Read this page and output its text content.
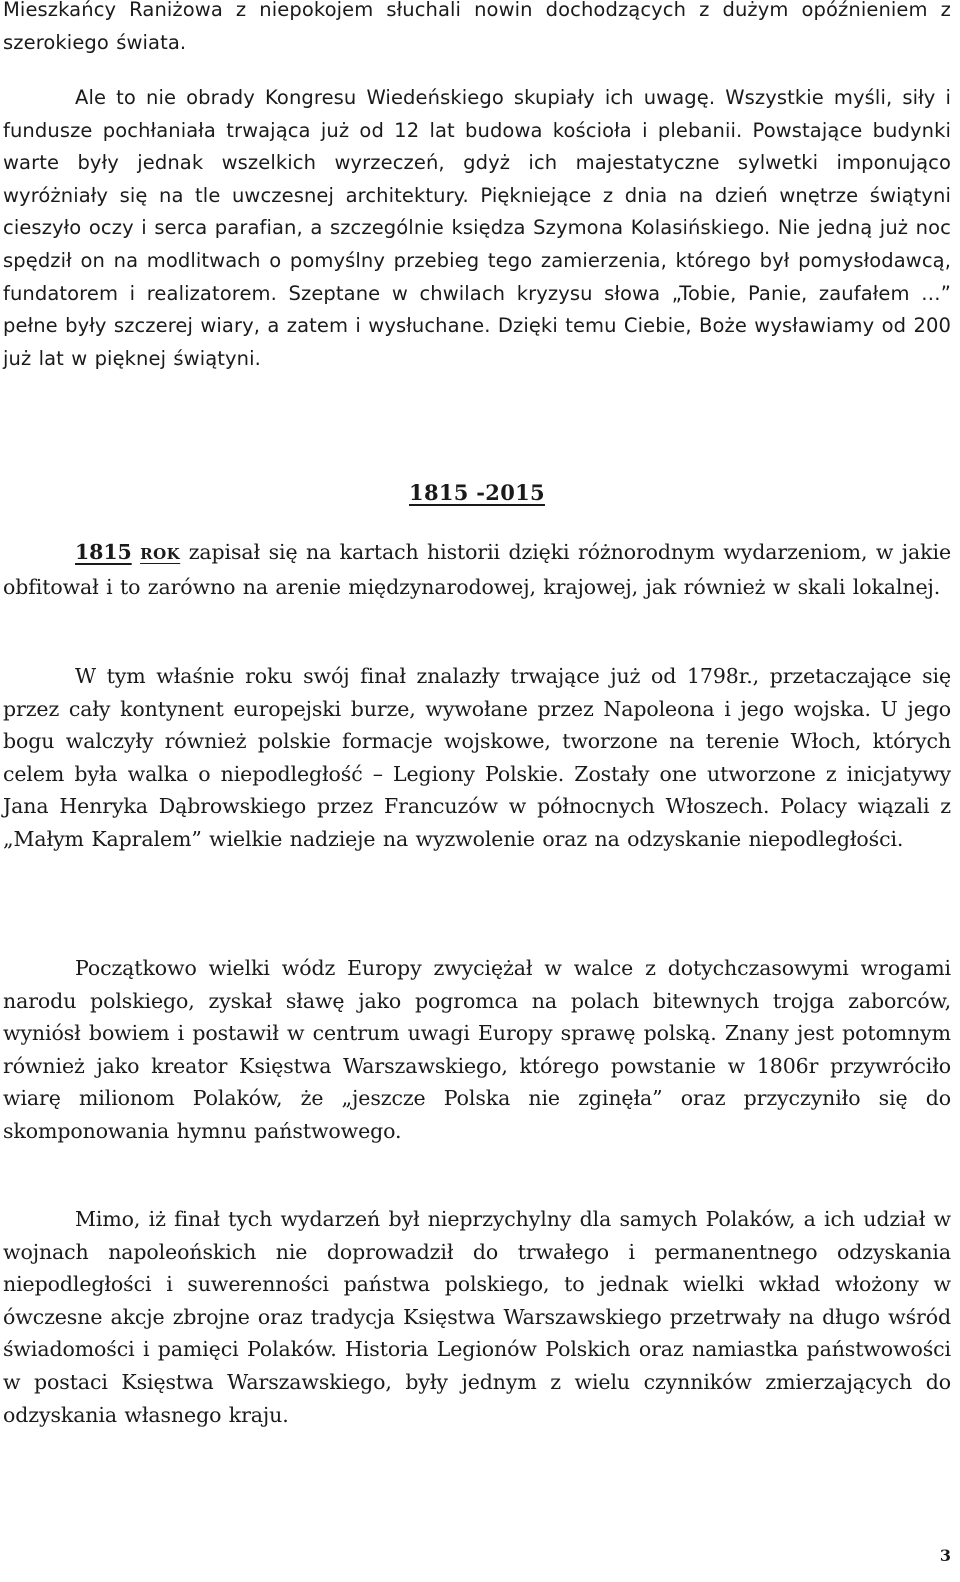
Mieszkańcy Raniżowa z niepokojem słuchali nowin dochodzących z dużym opóźnieniem z szerokiego świata.

Ale to nie obrady Kongresu Wiedeńskiego skupiały ich uwagę. Wszystkie myśli, siły i fundusze pochłaniała trwająca już od 12 lat budowa kościoła i plebanii. Powstające budynki warte były jednak wszelkich wyrzeczeń, gdyż ich majestatyczne sylwetki imponująco wyróżniały się na tle uwczesnej architektury. Piękniejące z dnia na dzień wnętrze świątyni cieszyło oczy i serca parafian, a szczególnie księdza Szymona Kolasińskiego. Nie jedną już noc spędził on na modlitwach o pomyślny przebieg tego zamierzenia, którego był pomysłodawcą, fundatorem i realizatorem. Szeptane w chwilach kryzysu słowa „Tobie, Panie, zaufałem …” pełne były szczerej wiary, a zatem i wysłuchane. Dzięki temu Ciebie, Boże wysławiamy od 200 już lat w pięknej świątyni.

1815 -2015

1815 ROK zapisał się na kartach historii dzięki różnorodnym wydarzeniom, w jakie obfitował i to zarówno na arenie międzynarodowej, krajowej, jak również w skali lokalnej.

W tym właśnie roku swój finał znalazły trwające już od 1798r., przetaczające się przez cały kontynent europejski burze, wywołane przez Napoleona i jego wojska. U jego bogu walczyły również polskie formacje wojskowe, tworzone na terenie Włoch, których celem była walka o niepodległość – Legiony Polskie. Zostały one utworzone z inicjatywy Jana Henryka Dąbrowskiego przez Francuzów w północnych Włoszech. Polacy wiązali z „Małym Kapralem” wielkie nadzieje na wyzwolenie oraz na odzyskanie niepodległości.

Początkowo wielki wódz Europy zwyciężał w walce z dotychczasowymi wrogami narodu polskiego, zyskał sławę jako pogromca na polach bitewnych trojga zaborców, wyniósł bowiem i postawił w centrum uwagi Europy sprawę polską. Znany jest potomnym również jako kreator Księstwa Warszawskiego, którego powstanie w 1806r przywróciło wiarę milionom Polaków, że „jeszcze Polska nie zginęła” oraz przyczyniło się do skomponowania hymnu państwowego.

Mimo, iż finał tych wydarzeń był nieprzychylny dla samych Polaków, a ich udział w wojnach napoleońskich nie doprowadził do trwałego i permanentnego odzyskania niepodległości i suwerenności państwa polskiego, to jednak wielki wkład włożony w ówczesne akcje zbrojne oraz tradycja Księstwa Warszawskiego przetrwały na długo wśród świadomości i pamięci Polaków. Historia Legionów Polskich oraz namiastka państwowości w postaci Księstwa Warszawskiego, były jednym z wielu czynników zmierzających do odzyskania własnego kraju.

3
